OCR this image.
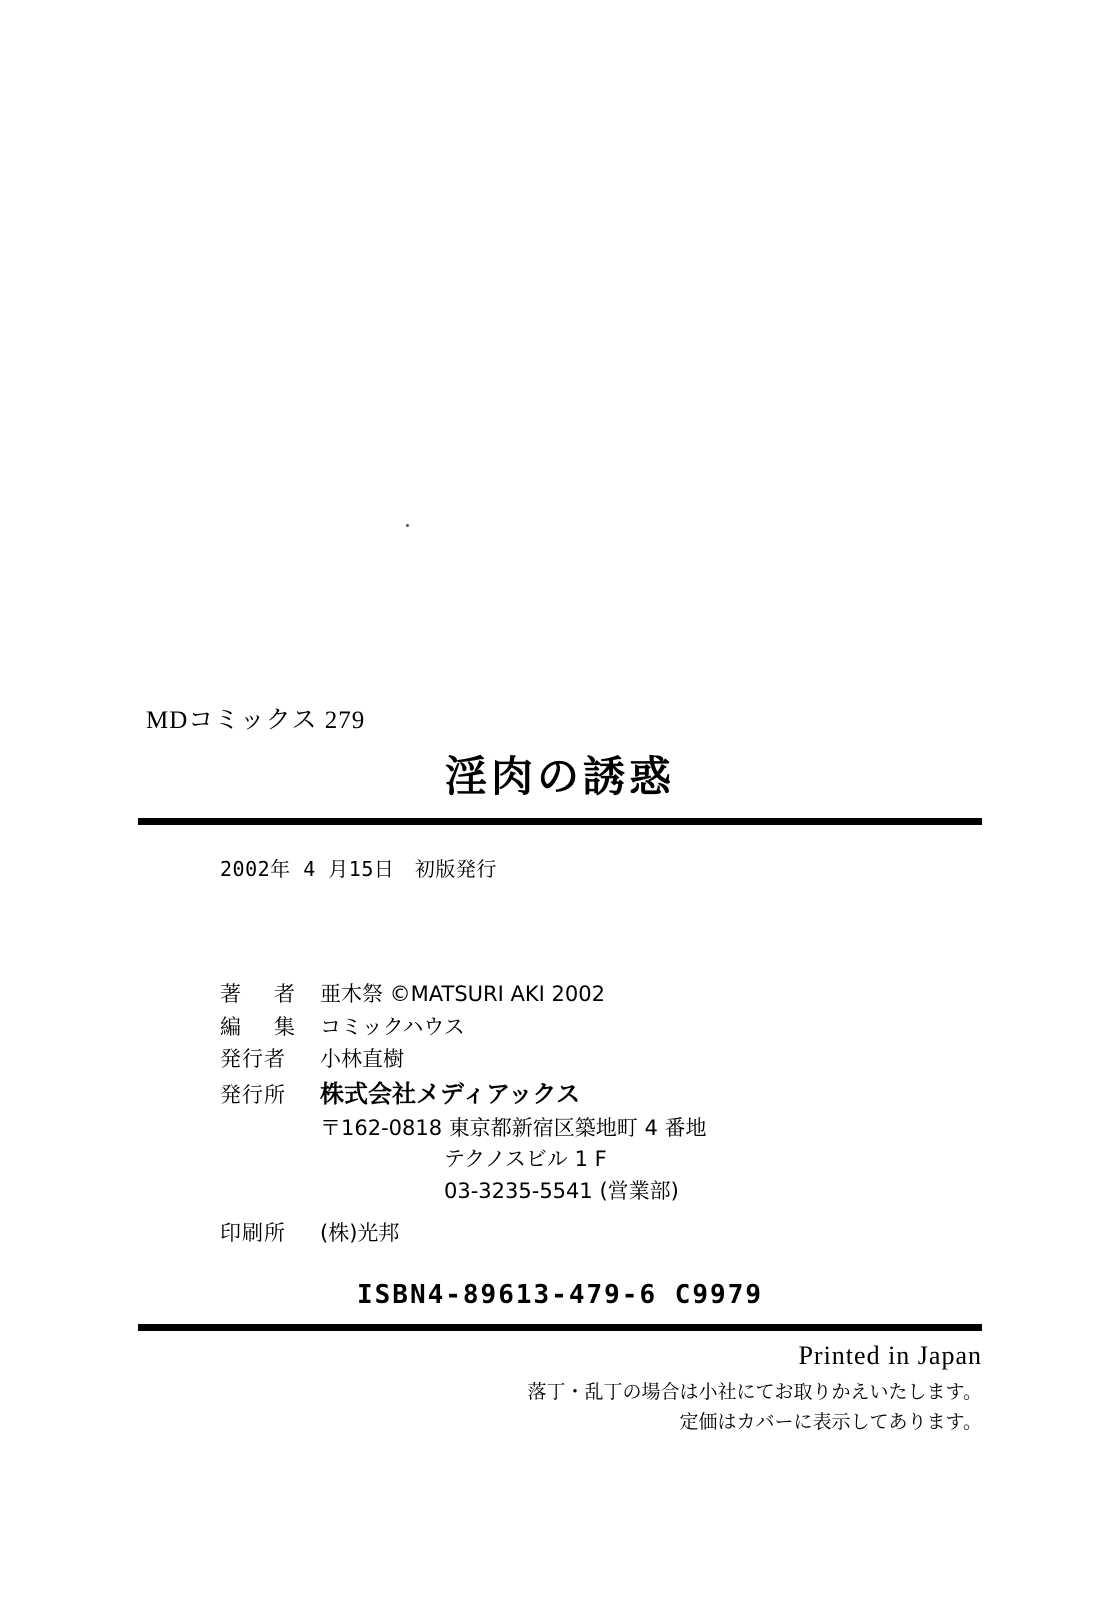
MDコミックス 279
淫肉の誘惑
2002年 4 月15日　初版発行
著　者 亜木祭 ©MATSURI AKI 2002
編　集 コミックハウス
発行者	小林直樹
発行所	株式会社メディアックス
〒162-0818 東京都新宿区築地町 4 番地
テクノスビル 1 F
03-3235-5541 (営業部)
印刷所	(株)光邦
ISBN4-89613-479-6 C9979
Printed in Japan
落丁・乱丁の場合は小社にてお取りかえいたします。
定価はカバーに表示してあります。
